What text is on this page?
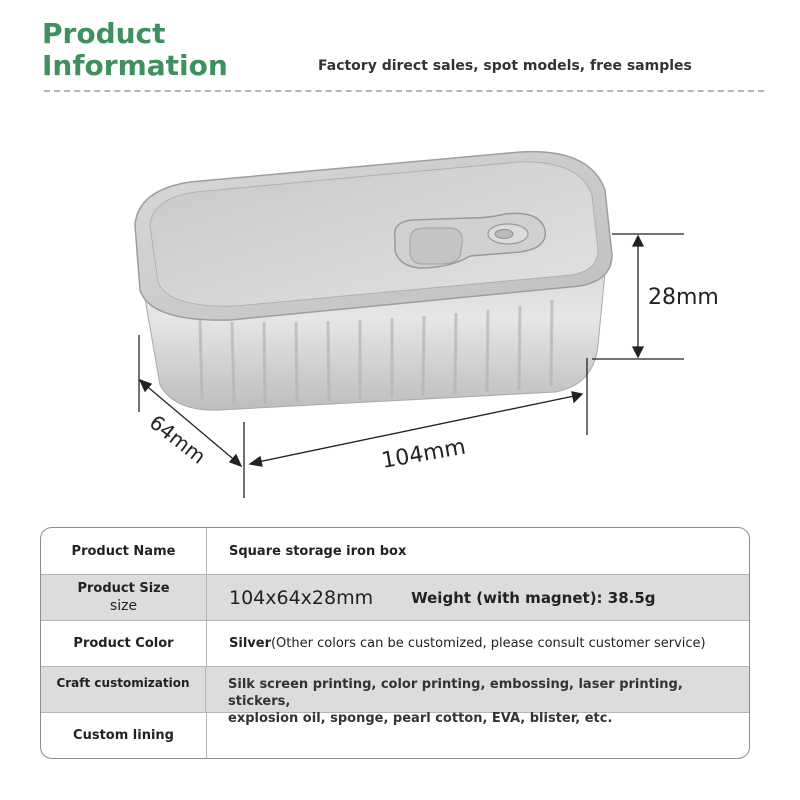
Product
Information	Factory direct sales, spot models, free samples
28mm
64mm	104mm
Product Name	Square storage iron box
Product Size
size	104x64x28mm	Weight (with magnet): 38.5g
Product Color	Silver (Other colors can be customized, please consult customer service)
Craft customization	Silk screen printing, color printing, embossing, laser printing, stickers,
explosion oil, sponge, pearl cotton, EVA, blister, etc.
Custom lining
